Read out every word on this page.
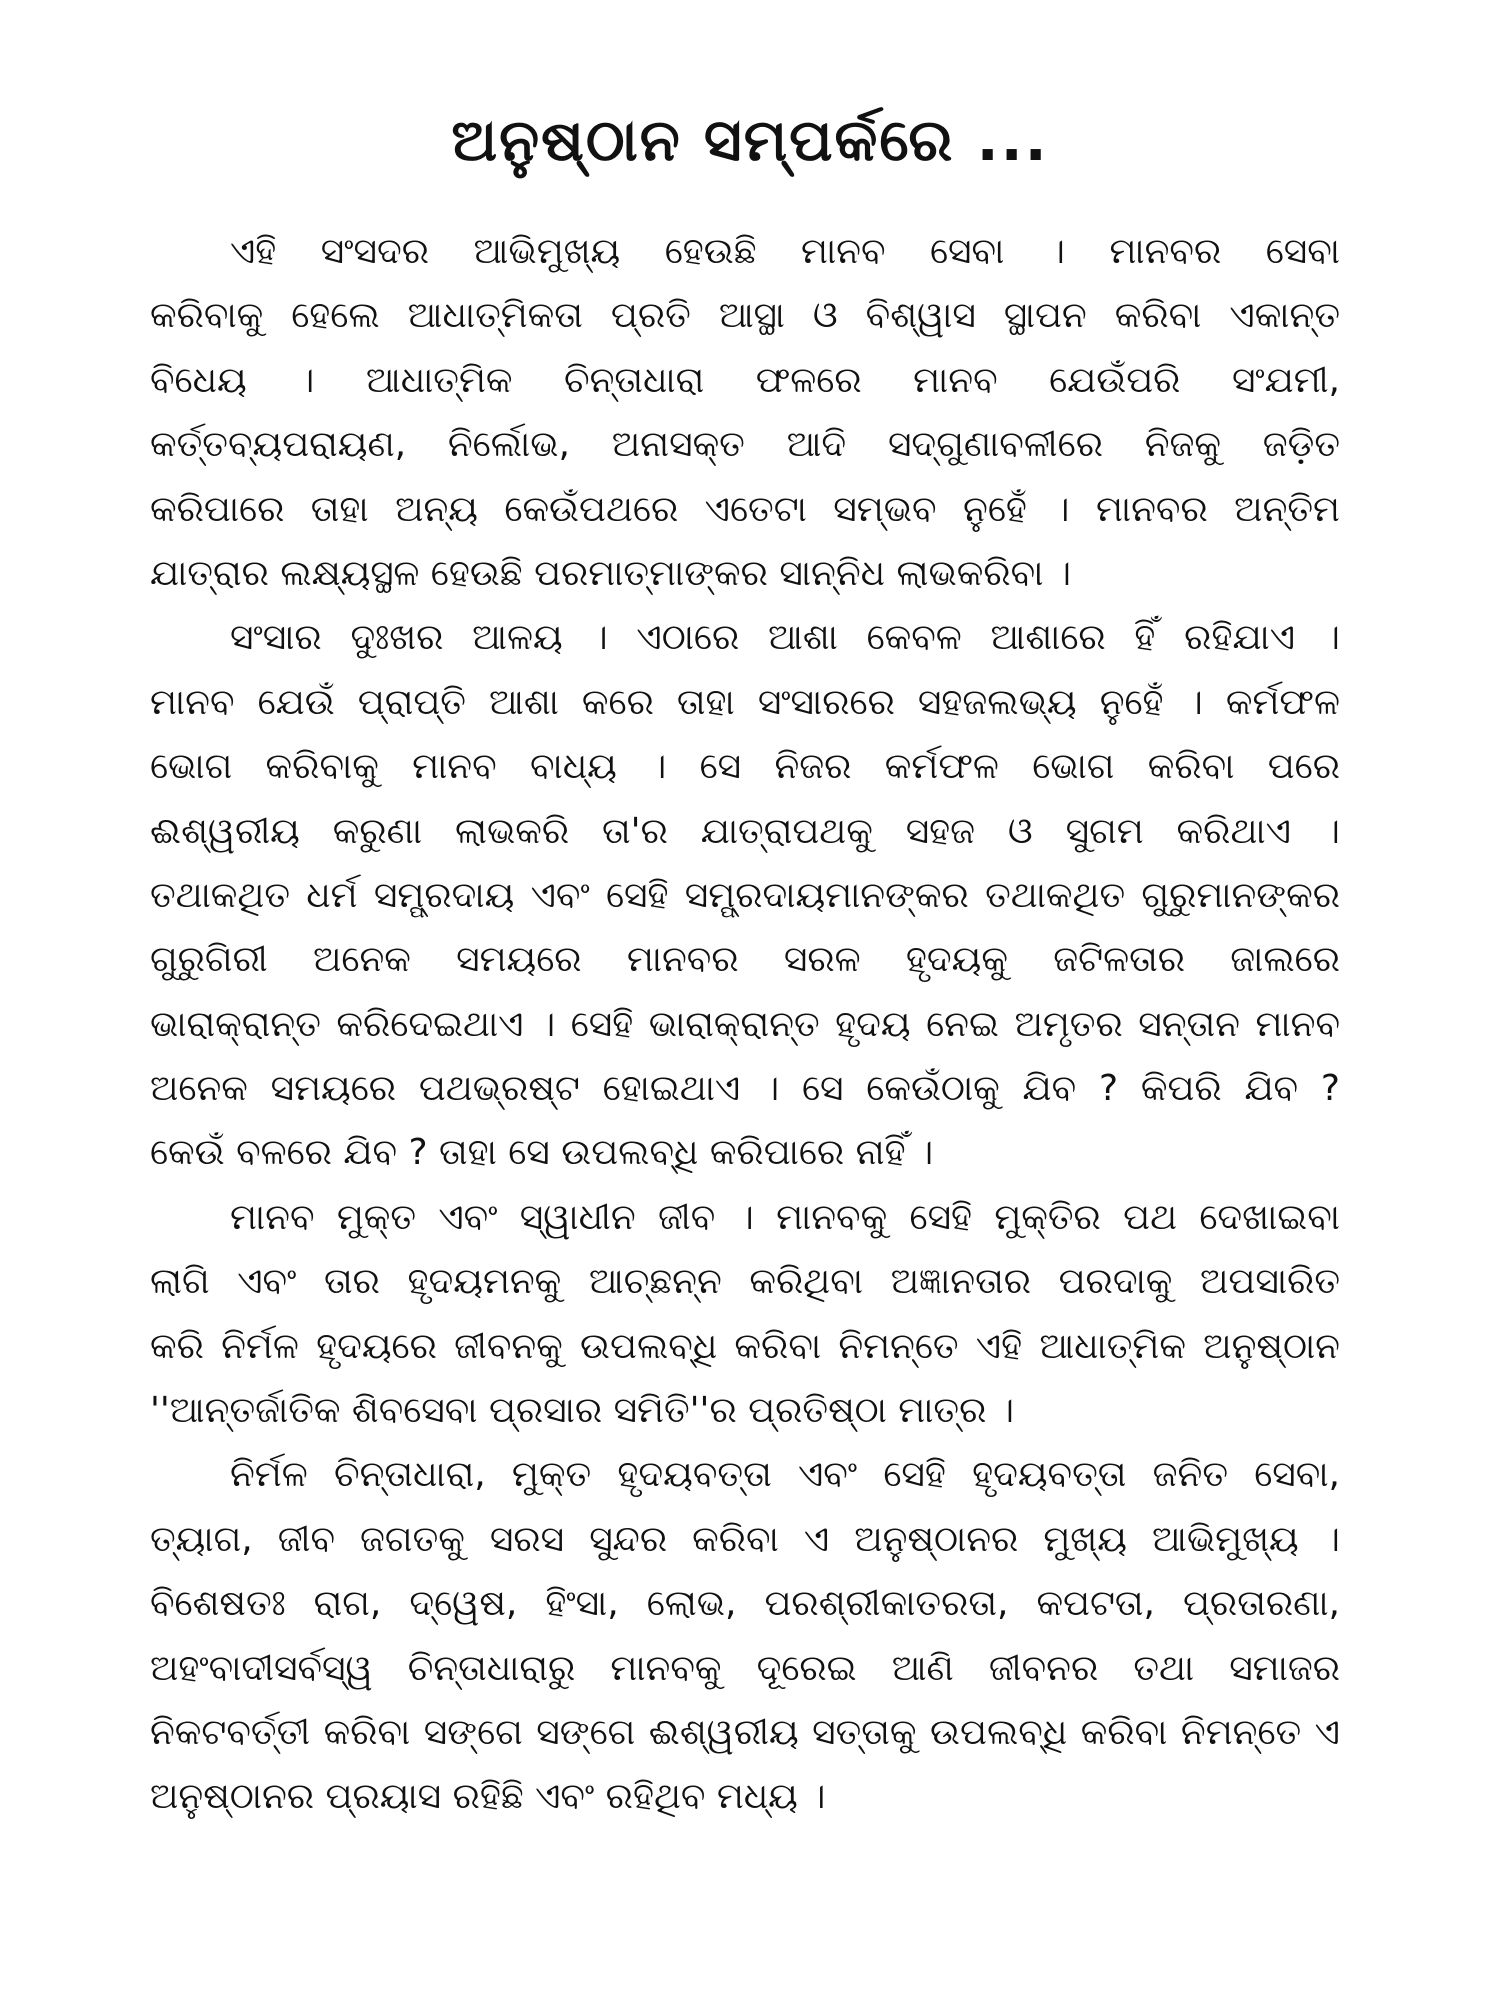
ଅନୁଷ୍ଠାନ ସମ୍ପର୍କରେ ...
ଏହି ସଂସଦର ଆଭିମୁଖ୍ୟ ହେଉଛି ମାନବ ସେବା । ମାନବର ସେବା
କରିବାକୁ ହେଲେ ଆଧାତ୍ମିକତା ପ୍ରତି ଆସ୍ଥା ଓ ବିଶ୍ୱାସ ସ୍ଥାପନ କରିବା ଏକାନ୍ତ
ବିଧେୟ । ଆଧାତ୍ମିକ ଚିନ୍ତାଧାରା ଫଳରେ ମାନବ ଯେଉଁପରି ସଂଯମୀ,
କର୍ତ୍ତବ୍ୟପରାୟଣ, ନିର୍ଲୋଭ, ଅନାସକ୍ତ ଆଦି ସଦ୍‌ଗୁଣାବଳୀରେ ନିଜକୁ ଜଡ଼ିତ
କରିପାରେ ତାହା ଅନ୍ୟ କେଉଁପଥରେ ଏତେଟା ସମ୍ଭବ ନୁହେଁ । ମାନବର ଅନ୍ତିମ
ଯାତ୍ରାର ଲକ୍ଷ୍ୟସ୍ଥଳ ହେଉଛି ପରମାତ୍ମାଙ୍କର ସାନ୍ନିଧ ଲାଭକରିବା ।
ସଂସାର ଦୁଃଖର ଆଳୟ । ଏଠାରେ ଆଶା କେବଳ ଆଶାରେ ହିଁ ରହିଯାଏ ।
ମାନବ ଯେଉଁ ପ୍ରାପ୍ତି ଆଶା କରେ ତାହା ସଂସାରରେ ସହଜଲଭ୍ୟ ନୁହେଁ । କର୍ମଫଳ
ଭୋଗ କରିବାକୁ ମାନବ ବାଧ୍ୟ । ସେ ନିଜର କର୍ମଫଳ ଭୋଗ କରିବା ପରେ
ଈଶ୍ୱରୀୟ କରୁଣା ଲାଭକରି ତା'ର ଯାତ୍ରାପଥକୁ ସହଜ ଓ ସୁଗମ କରିଥାଏ ।
ତଥାକଥିତ ଧର୍ମ ସମ୍ପ୍ରଦାୟ ଏବଂ ସେହି ସମ୍ପ୍ରଦାୟମାନଙ୍କର ତଥାକଥିତ ଗୁରୁମାନଙ୍କର
ଗୁରୁଗିରୀ ଅନେକ ସମୟରେ ମାନବର ସରଳ ହୃଦୟକୁ ଜଟିଳତାର ଜାଲରେ
ଭାରାକ୍ରାନ୍ତ କରିଦେଇଥାଏ । ସେହି ଭାରାକ୍ରାନ୍ତ ହୃଦୟ ନେଇ ଅମୃତର ସନ୍ତାନ ମାନବ
ଅନେକ ସମୟରେ ପଥଭ୍ରଷ୍ଟ ହୋଇଥାଏ । ସେ କେଉଁଠାକୁ ଯିବ ? କିପରି ଯିବ ?
କେଉଁ ବଳରେ ଯିବ ? ତାହା ସେ ଉପଲବ୍ଧି କରିପାରେ ନାହିଁ ।
ମାନବ ମୁକ୍ତ ଏବଂ ସ୍ୱାଧୀନ ଜୀବ । ମାନବକୁ ସେହି ମୁକ୍ତିର ପଥ ଦେଖାଇବା
ଲାଗି ଏବଂ ତାର ହୃଦୟମନକୁ ଆଚ୍ଛନ୍ନ କରିଥିବା ଅଜ୍ଞାନତାର ପରଦାକୁ ଅପସାରିତ
କରି ନିର୍ମଳ ହୃଦୟରେ ଜୀବନକୁ ଉପଲବ୍ଧି କରିବା ନିମନ୍ତେ ଏହି ଆଧାତ୍ମିକ ଅନୁଷ୍ଠାନ
''ଆନ୍ତର୍ଜାତିକ ଶିବସେବା ପ୍ରସାର ସମିତି''ର ପ୍ରତିଷ୍ଠା ମାତ୍ର ।
ନିର୍ମଳ ଚିନ୍ତାଧାରା, ମୁକ୍ତ ହୃଦୟବତ୍ତା ଏବଂ ସେହି ହୃଦୟବତ୍ତା ଜନିତ ସେବା,
ତ୍ୟାଗ, ଜୀବ ଜଗତକୁ ସରସ ସୁନ୍ଦର କରିବା ଏ ଅନୁଷ୍ଠାନର ମୁଖ୍ୟ ଆଭିମୁଖ୍ୟ ।
ବିଶେଷତଃ ରାଗ, ଦ୍ୱେଷ, ହିଂସା, ଲୋଭ, ପରଶ୍ରୀକାତରତା, କପଟତା, ପ୍ରତାରଣା,
ଅହଂବାଦୀସର୍ବସ୍ୱ ଚିନ୍ତାଧାରାରୁ ମାନବକୁ ଦୂରେଇ ଆଣି ଜୀବନର ତଥା ସମାଜର
ନିକଟବର୍ତ୍ତୀ କରିବା ସଙ୍ଗେ ସଙ୍ଗେ ଈଶ୍ୱରୀୟ ସତ୍ତାକୁ ଉପଲବ୍ଧି କରିବା ନିମନ୍ତେ ଏ
ଅନୁଷ୍ଠାନର ପ୍ରୟାସ ରହିଛି ଏବଂ ରହିଥିବ ମଧ୍ୟ ।
